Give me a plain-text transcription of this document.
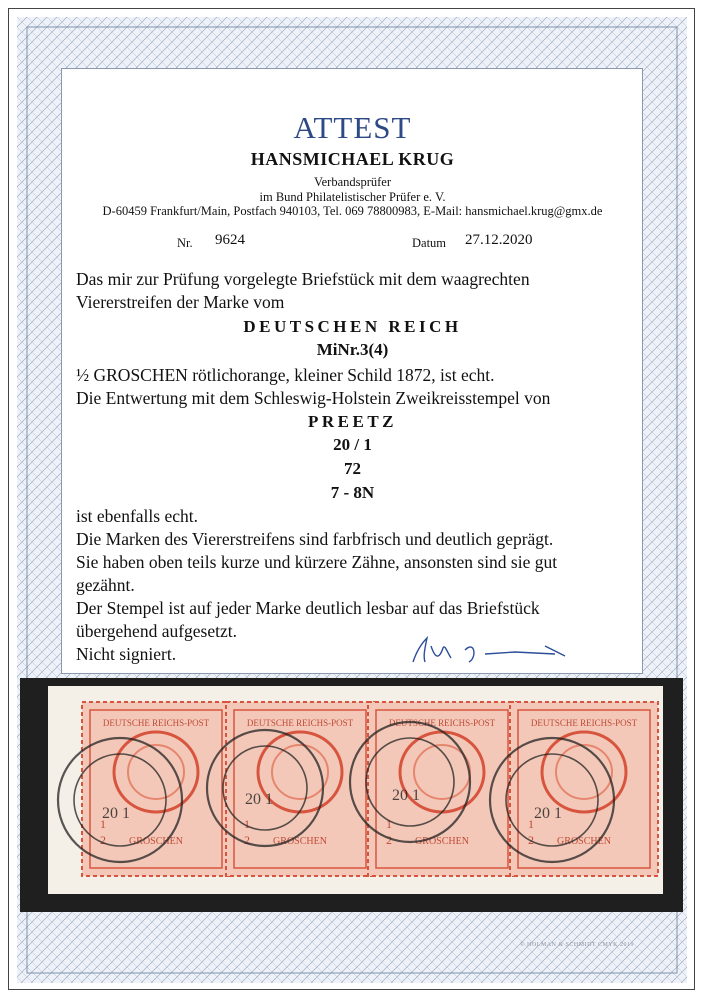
ATTEST
HANSMICHAEL KRUG
Verbandsprüfer
im Bund Philatelistischer Prüfer e. V.
D-60459 Frankfurt/Main, Postfach 940103, Tel. 069 78800983, E-Mail: hansmichael.krug@gmx.de
Nr. 9624	Datum 27.12.2020
Das mir zur Prüfung vorgelegte Briefstück mit dem waagrechten
Viererstreifen der Marke vom
DEUTSCHEN REICH
MiNr.3(4)
½ GROSCHEN rötlichorange, kleiner Schild 1872, ist echt.
Die Entwertung mit dem Schleswig-Holstein Zweikreisstempel von
PREETZ
20 / 1
72
7 - 8N
ist ebenfalls echt.
Die Marken des Viererstreifens sind farbfrisch und deutlich geprägt.
Sie haben oben teils kurze und kürzere Zähne, ansonsten sind sie gut
gezähnt.
Der Stempel ist auf jeder Marke deutlich lesbar auf das Briefstück
übergehend aufgesetzt.
Nicht signiert.
DEUTSCHE REICHS-POST
1
2 GROSCHEN
DEUTSCHE REICHS-POST
1
2 GROSCHEN
DEUTSCHE REICHS-POST
1
2 GROSCHEN
DEUTSCHE REICHS-POST
1
2 GROSCHEN
20 1
20 1	20 1
20 1
© HOLMAN & SCHMIDT CMYK 2019
